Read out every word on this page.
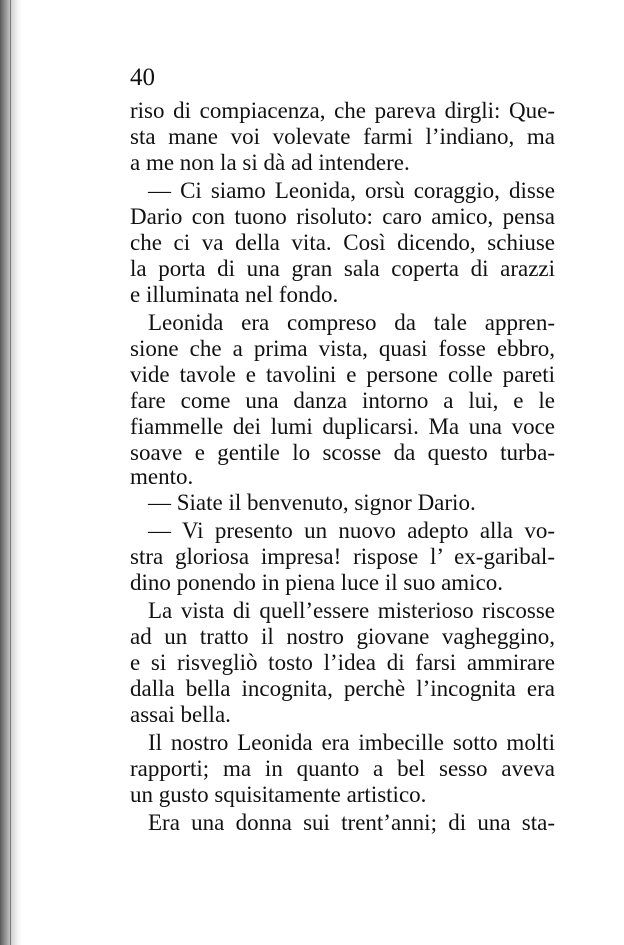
40
riso di compiacenza, che pareva dirgli: Que-
sta mane voi volevate farmi l’indiano, ma
a me non la si dà ad intendere.
— Ci siamo Leonida, orsù coraggio, disse
Dario con tuono risoluto: caro amico, pensa
che ci va della vita. Così dicendo, schiuse
la porta di una gran sala coperta di arazzi
e illuminata nel fondo.
Leonida era compreso da tale appren-
sione che a prima vista, quasi fosse ebbro,
vide tavole e tavolini e persone colle pareti
fare come una danza intorno a lui, e le
fiammelle dei lumi duplicarsi. Ma una voce
soave e gentile lo scosse da questo turba-
mento.
— Siate il benvenuto, signor Dario.
— Vi presento un nuovo adepto alla vo-
stra gloriosa impresa! rispose l’ ex-garibal-
dino ponendo in piena luce il suo amico.
La vista di quell’essere misterioso riscosse
ad un tratto il nostro giovane vagheggino,
e si risvegliò tosto l’idea di farsi ammirare
dalla bella incognita, perchè l’incognita era
assai bella.
Il nostro Leonida era imbecille sotto molti
rapporti; ma in quanto a bel sesso aveva
un gusto squisitamente artistico.
Era una donna sui trent’anni; di una sta-
